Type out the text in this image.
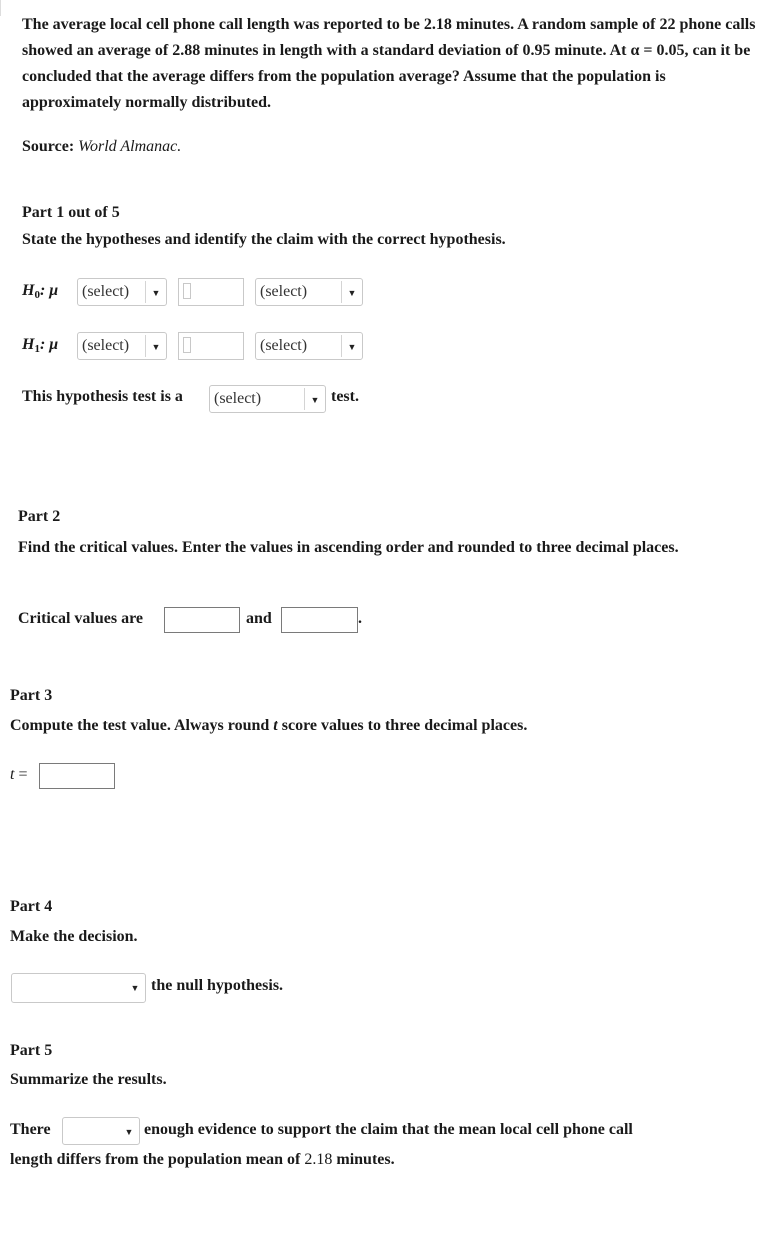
The average local cell phone call length was reported to be 2.18 minutes. A random sample of 22 phone calls showed an average of 2.88 minutes in length with a standard deviation of 0.95 minute. At α = 0.05, can it be concluded that the average differs from the population average? Assume that the population is approximately normally distributed.

Source: World Almanac.
Part 1 out of 5
State the hypotheses and identify the claim with the correct hypothesis.
$H_0$: μ (select)	▼	(select)	▼
$H_1$: μ (select)	▼	(select)	▼
This hypothesis test is a (select)	▼ test.
Part 2

Find the critical values. Enter the values in ascending order and rounded to three decimal places.

Critical values are	and	.
Part 3
Compute the test value. Always round t score values to three decimal places.
t =
Part 4
Make the decision.
▼ the null hypothesis.
Part 5
Summarize the results.
There	▼ enough evidence to support the claim that the mean local cell phone call
length differs from the population mean of 2.18 minutes.
